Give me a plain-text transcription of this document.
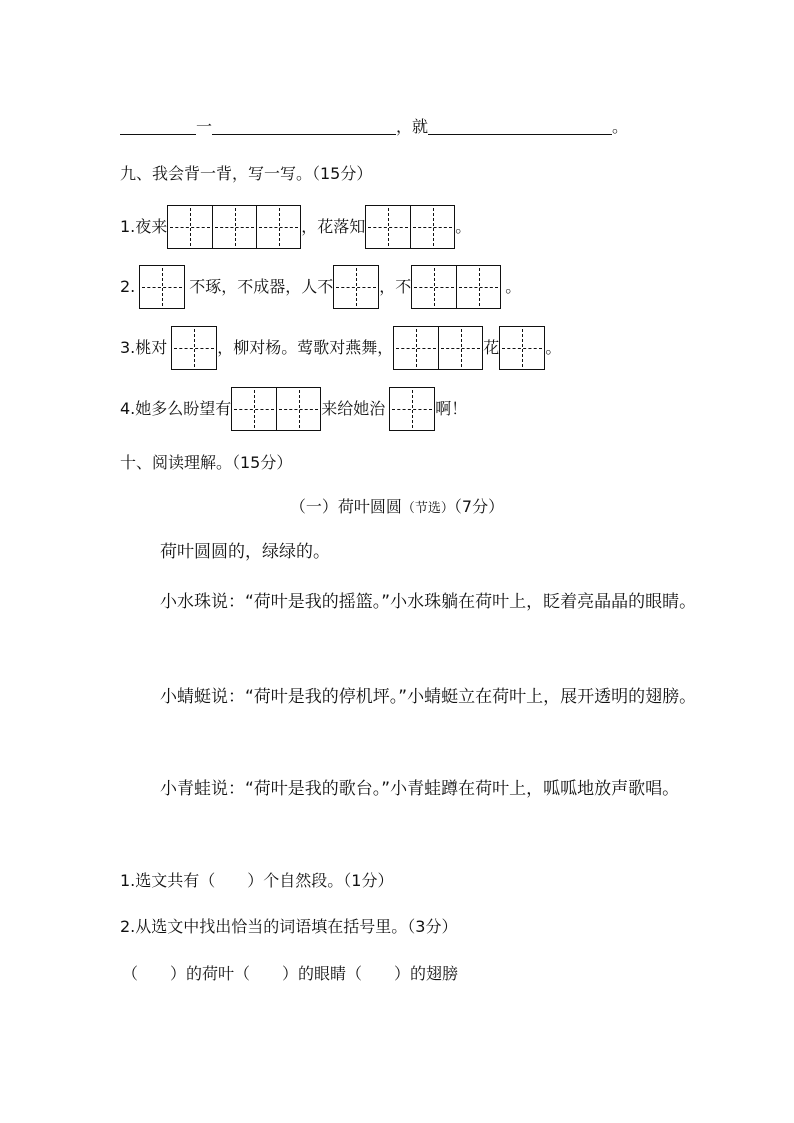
一	，就	。
九、我会背一背，写一写。（15分）
1.夜来	，花落知	。
2.	不琢，不成器，人不	，不	。
3.桃对	，柳对杨。莺歌对燕舞，	花	。
4.她多么盼望有	来给她治	啊！
十、阅读理解。（15分）
（一）荷叶圆圆（节选）（7分）
荷叶圆圆的，绿绿的。
小水珠说：“荷叶是我的摇篮。”小水珠躺在荷叶上，眨着亮晶晶的眼睛。
小蜻蜓说：“荷叶是我的停机坪。”小蜻蜓立在荷叶上，展开透明的翅膀。
小青蛙说：“荷叶是我的歌台。”小青蛙蹲在荷叶上，呱呱地放声歌唱。
1.选文共有（　　）个自然段。（1分）
2.从选文中找出恰当的词语填在括号里。（3分）
（　　）的荷叶（　　）的眼睛（　　）的翅膀
